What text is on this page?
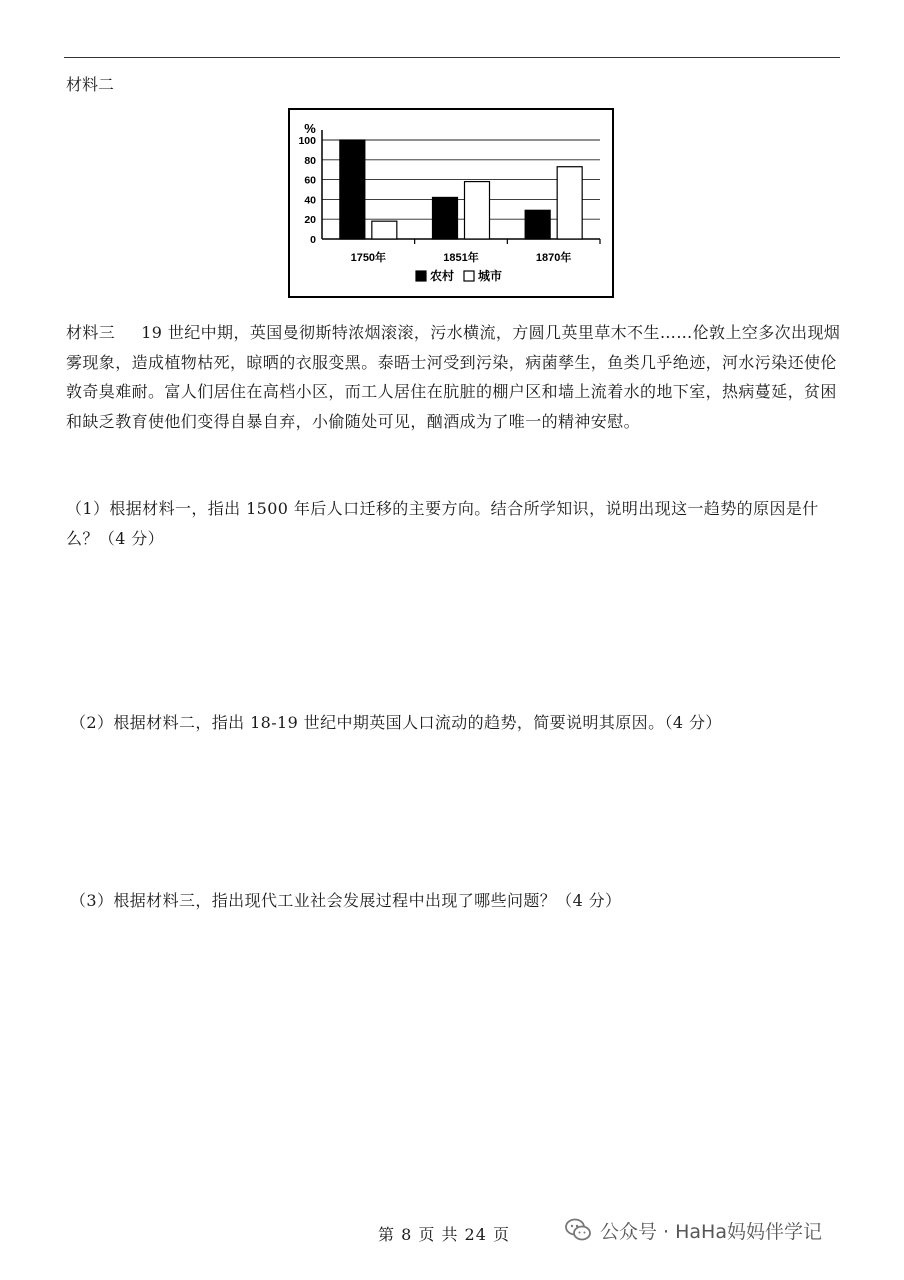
材料二
0
20
40
60
80
100
%
1750年	1851年	1870年
农村 城市
材料三 19 世纪中期，英国曼彻斯特浓烟滚滚，污水横流，方圆几英里草木不生……伦敦上空多次出现烟雾现象，造成植物枯死，晾晒的衣服变黑。泰晤士河受到污染，病菌孳生，鱼类几乎绝迹，河水污染还使伦敦奇臭难耐。富人们居住在高档小区，而工人居住在肮脏的棚户区和墙上流着水的地下室，热病蔓延，贫困和缺乏教育使他们变得自暴自弃，小偷随处可见，酗酒成为了唯一的精神安慰。
（1）根据材料一，指出 1500 年后人口迁移的主要方向。结合所学知识，说明出现这一趋势的原因是什么？（4 分）
（2）根据材料二，指出 18-19 世纪中期英国人口流动的趋势，简要说明其原因。（4 分）
（3）根据材料三，指出现代工业社会发展过程中出现了哪些问题？（4 分）
第 8 页 共 24 页	公众号 · HaHa妈妈伴学记
